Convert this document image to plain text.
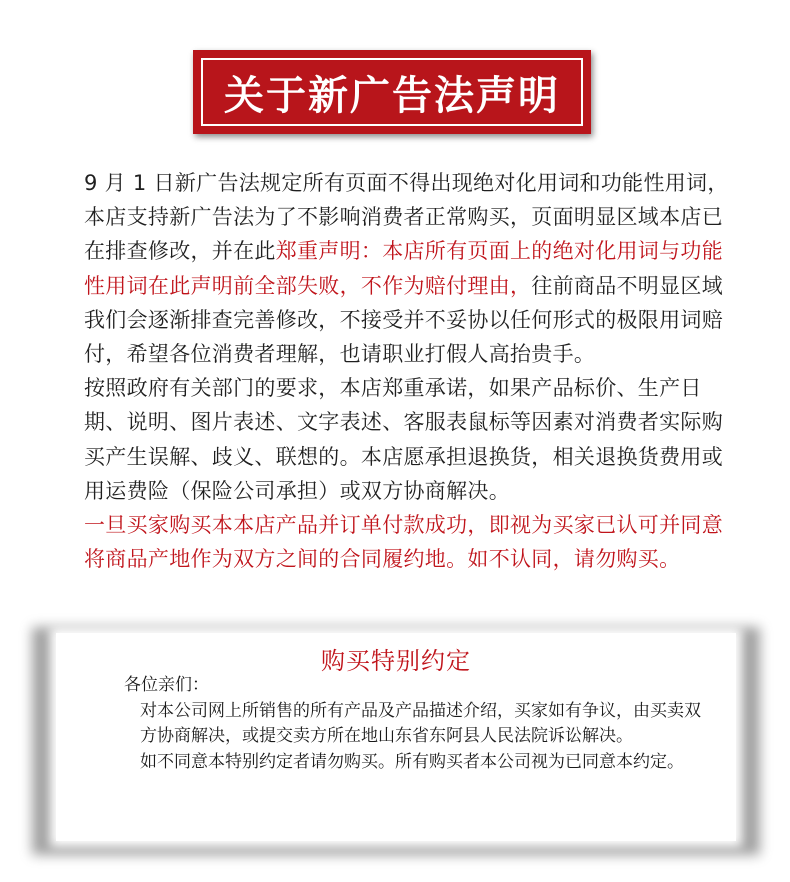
关于新广告法声明

9 月 1 日新广告法规定所有页面不得出现绝对化用词和功能性用词，本店支持新广告法为了不影响消费者正常购买，页面明显区域本店已在排查修改，并在此郑重声明：本店所有页面上的绝对化用词与功能性用词在此声明前全部失败，不作为赔付理由，往前商品不明显区域我们会逐渐排查完善修改，不接受并不妥协以任何形式的极限用词赔付，希望各位消费者理解，也请职业打假人高抬贵手。

按照政府有关部门的要求，本店郑重承诺，如果产品标价、生产日期、说明、图片表述、文字表述、客服表鼠标等因素对消费者实际购买产生误解、歧义、联想的。本店愿承担退换货，相关退换货费用或用运费险（保险公司承担）或双方协商解决。

一旦买家购买本本店产品并订单付款成功，即视为买家已认可并同意将商品产地作为双方之间的合同履约地。如不认同，请勿购买。

购买特别约定

各位亲们：

对本公司网上所销售的所有产品及产品描述介绍，买家如有争议，由买卖双方协商解决，或提交卖方所在地山东省东阿县人民法院诉讼解决。

如不同意本特别约定者请勿购买。所有购买者本公司视为已同意本约定。
